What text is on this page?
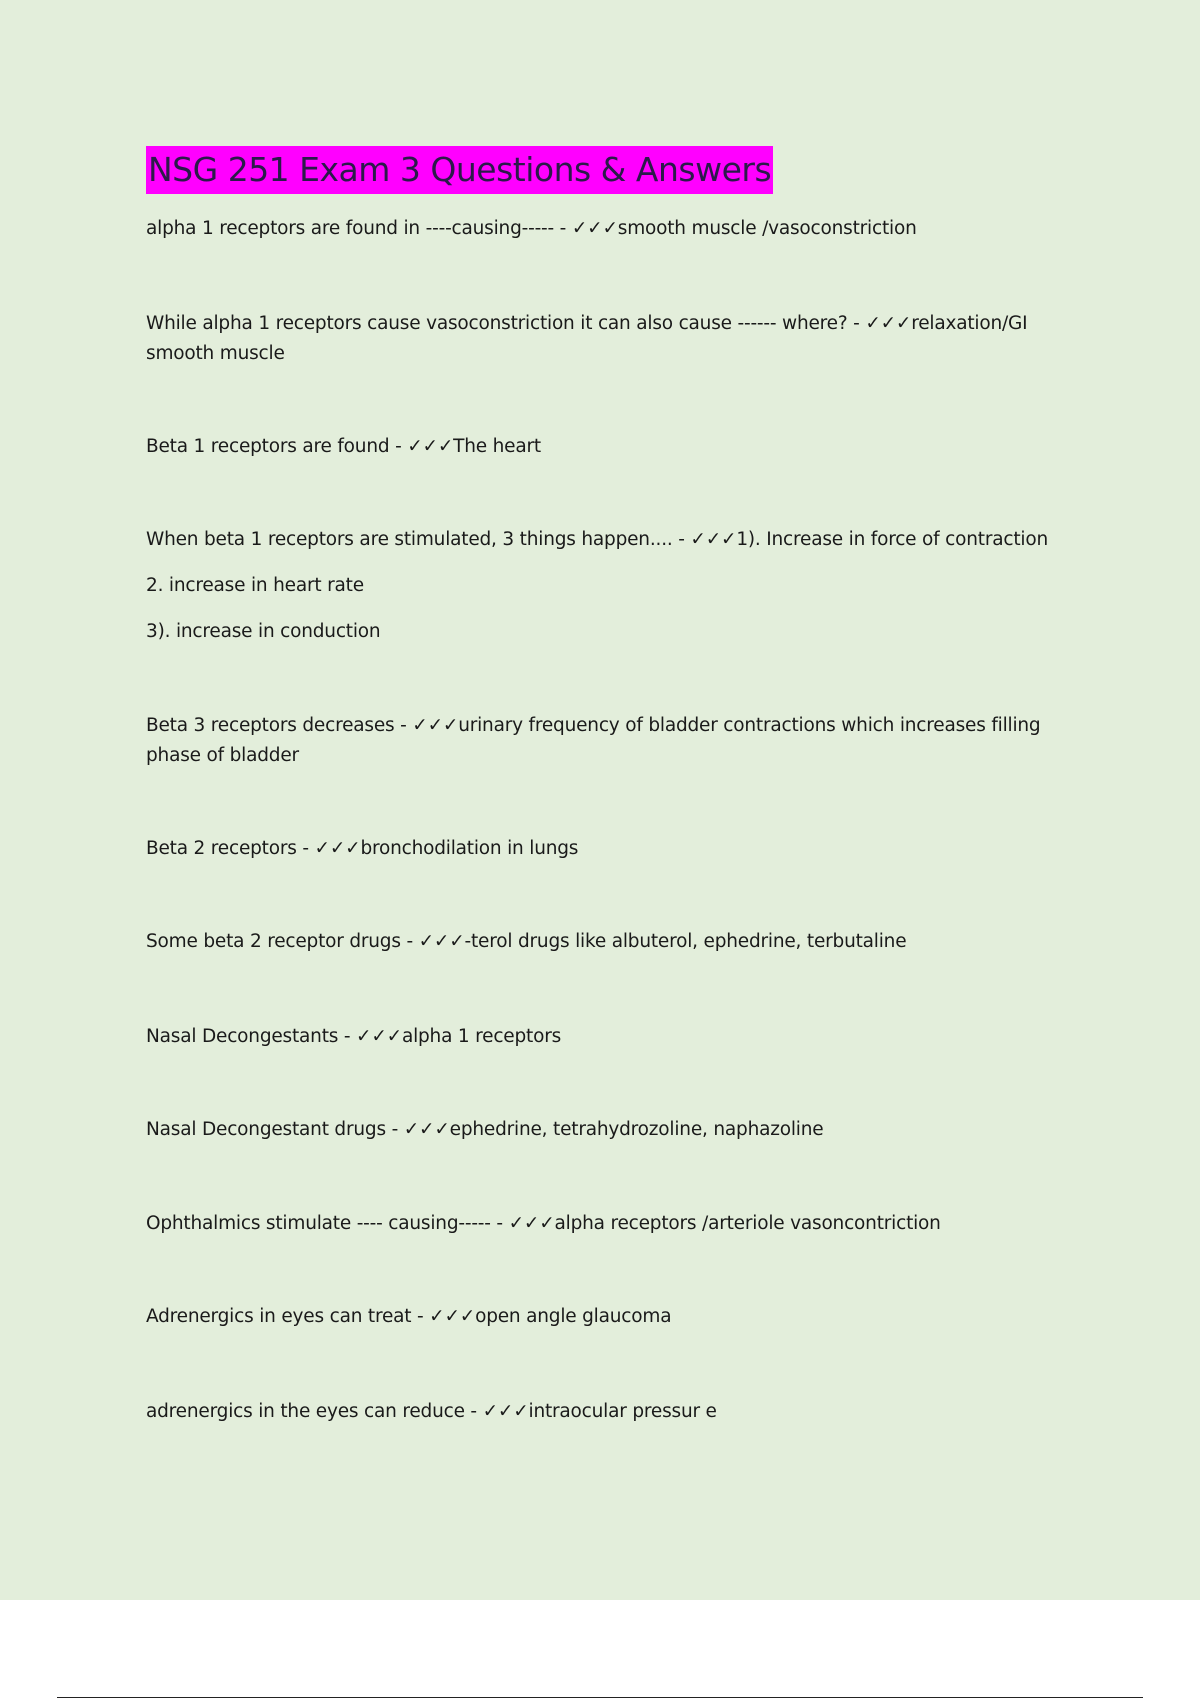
NSG 251 Exam 3 Questions & Answers
alpha 1 receptors are found in ----causing----- - ✓✓✓smooth muscle /vasoconstriction
While alpha 1 receptors cause vasoconstriction it can also cause ------ where? - ✓✓✓relaxation/GI smooth muscle
Beta 1 receptors are found - ✓✓✓The heart
When beta 1 receptors are stimulated, 3 things happen.... - ✓✓✓1). Increase in force of contraction
2. increase in heart rate
3). increase in conduction
Beta 3 receptors decreases - ✓✓✓urinary frequency of bladder contractions which increases filling phase of bladder
Beta 2 receptors - ✓✓✓bronchodilation in lungs
Some beta 2 receptor drugs - ✓✓✓-terol drugs like albuterol, ephedrine, terbutaline
Nasal Decongestants - ✓✓✓alpha 1 receptors
Nasal Decongestant drugs - ✓✓✓ephedrine, tetrahydrozoline, naphazoline
Ophthalmics stimulate ---- causing----- - ✓✓✓alpha receptors /arteriole vasoncontriction
Adrenergics in eyes can treat - ✓✓✓open angle glaucoma
adrenergics in the eyes can reduce - ✓✓✓intraocular pressur e
